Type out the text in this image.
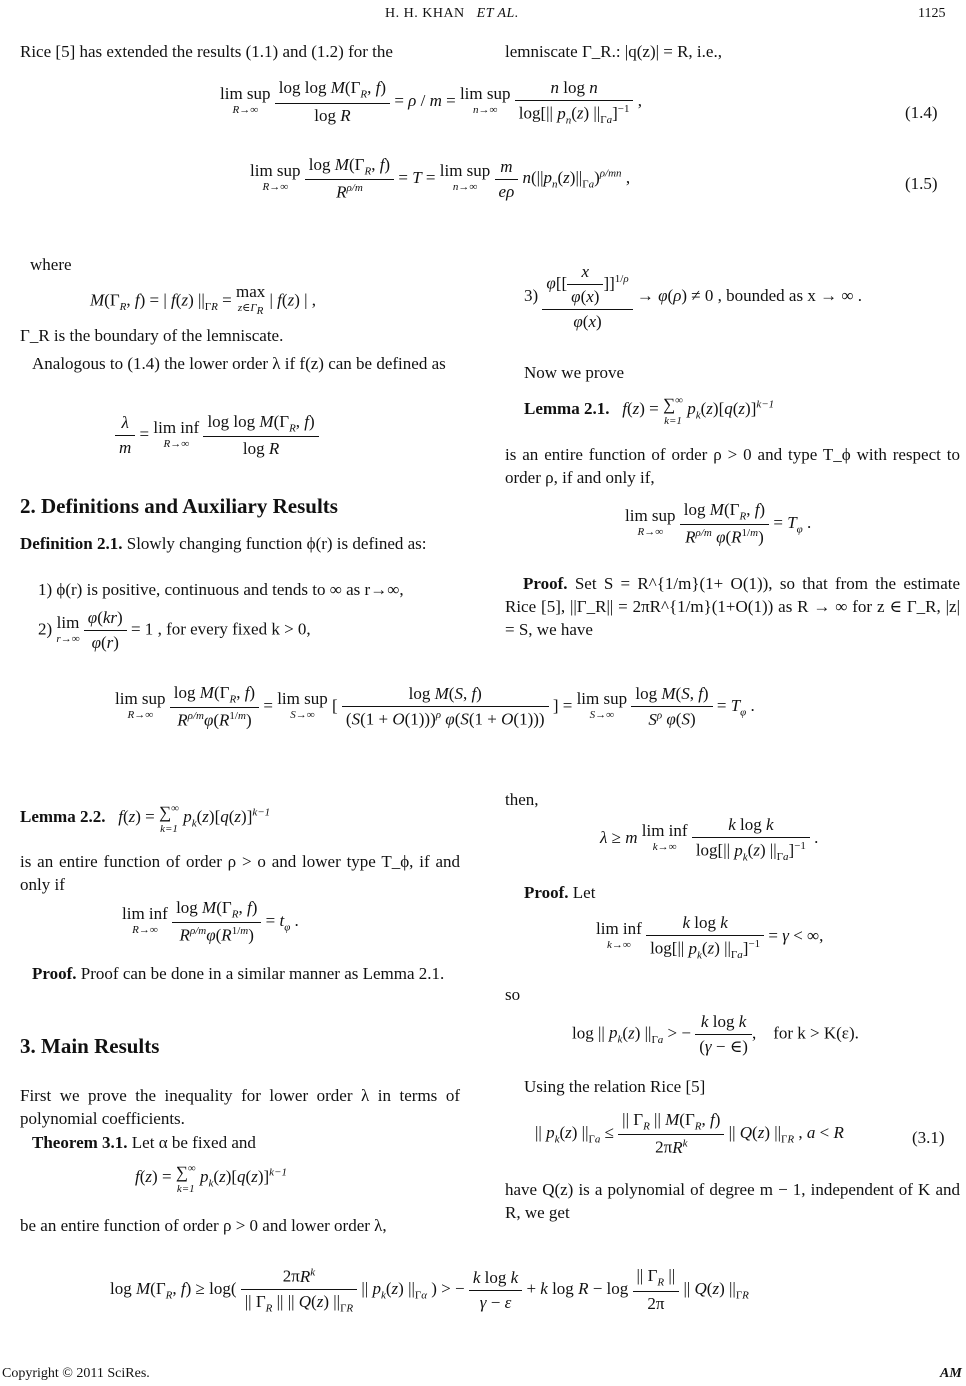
H. H. KHAN ET AL.	1125
Rice [5] has extended the results (1.1) and (1.2) for the	lemniscate Γ_R.: |q(z)| = R, i.e.,
lim sup
R→∞
$\frac{\log \log M(\Gamma_R, f)}{\text{log R}} = \rho / m = \lim$ sup
n→∞
	$\frac{\text{n log n}}{\log[|| p_n(z) ||_{\Gamma a}]^{-1}}$ ,
(1.4)
lim sup
R→∞
$\frac{\log M(\Gamma_R, f)}{R^{\rho/m}} = T = \lim$ sup
n→∞
	$\frac{m}{e\rho} n(||p_n(z)||_{\Gamma a})^{\rho/mn}$ ,	(1.5)
where
$M(\Gamma_R$, f) = | f(z) $||_{\Gamma R} = \max$
$z\in\Gamma_R$
| f(z) | ,
Γ_R is the boundary of the lemniscate.
Analogous to (1.4) the lower order λ if f(z) can be defined as
$\frac{\lambda}{m} = \lim$ inf
R→∞
$\frac{\log \log M(\Gamma_R, f)}{\text{log R}}$
2. Definitions and Auxiliary Results
Definition 2.1. Slowly changing function ϕ(r) is defined as:
1) ϕ(r) is positive, continuous and tends to ∞ as r→∞,
2) lim
r→∞
$\frac{\varphi(kr)}{\varphi(r)} = 1$ , for every fixed k > 0,
$3) \frac{\varphi[[ \frac{x}{\varphi(x)} ]]^{1/\rho}}{\varphi(x)} \to \varphi(\rho) \ne 0$ , bounded as x → ∞ .
Now we prove
Lemma 2.1. f(z) = ∑∞
k=1
$p_k(z)[q(z)]^{k-1}$
is an entire function of order ρ > 0 and type T_ϕ with respect to order ρ, if and only if,
lim sup
R→∞
$\frac{\log M(\Gamma_R, f)}{R^{\rho/m} \varphi(R^{1/m})} = T_\varphi$ .
Proof. Set S = R^{1/m}(1+ O(1)), so that from the estimate Rice [5], ||Γ_R|| = 2πR^{1/m}(1+O(1)) as R → ∞ for z ∈ Γ_R, |z| = S, we have
lim sup
R→∞
$\frac{\log M(\Gamma_R, f)}{R^{\rho/m}\varphi(R^{1/m})} = \lim$ sup
S→∞
[ $\frac{\text{log M(S, f)}}{(S(1 + O(1)))^\rho \varphi(S(1 + O(1)))}$ ] = lim sup
S→∞
	$\frac{\text{log M(S, f)}}{S^\rho \varphi(S)} = T_\varphi$ .
Lemma 2.2. f(z) = ∑∞
k=1
$p_k(z)[q(z)]^{k-1}$
is an entire function of order ρ > o and lower type T_ϕ, if and only if
lim inf
R→∞
$\frac{\log M(\Gamma_R, f)}{R^{\rho/m}\varphi(R^{1/m})} = t_\varphi$ .
Proof. Proof can be done in a similar manner as Lemma 2.1.
3. Main Results
First we prove the inequality for lower order λ in terms of polynomial coefficients.
Theorem 3.1. Let α be fixed and
f(z) = ∑∞
k=1
$p_k(z)[q(z)]^{k-1}$
be an entire function of order ρ > 0 and lower order λ,
then,
λ ≥ m lim inf
k→∞
$\frac{\text{k log k}}{\log[|| p_k(z) ||_{\Gamma a}]^{-1}}$ .
Proof. Let
lim inf
k→∞
$\frac{\text{k log k}}{\log[|| p_k(z) ||_{\Gamma a}]^{-1}} = \gamma$ < ∞,
so
log || $p_k(z) ||_{\Gamma a}$ > − $\frac{\text{k log k}}{(\gamma - \in)}$ ,    for k > K(ε).
Using the relation Rice [5]
|| $p_k(z) ||_{\Gamma a} \le \frac{|| \Gamma_R || M(\Gamma_R, f)}{2\pi R^k}$ || Q(z) $||_{\Gamma R}$ , a < R	(3.1)
have Q(z) is a polynomial of degree m − 1, independent of K and R, we get
$\log M(\Gamma_R$, $f) \ge \log( \frac{2\pi R^k}{|| \Gamma_R || || Q(z) ||_{\Gamma R}}$ || $p_k(z)$ $||_{\Gamma\alpha}$ ) > − $\frac{\text{k log k}}{\gamma - \varepsilon} + k$ $\log R - \log \frac{|| \Gamma_R ||}{2\pi}$ || Q(z) $||_{\Gamma R}$
Copyright © 2011 SciRes.	AM
